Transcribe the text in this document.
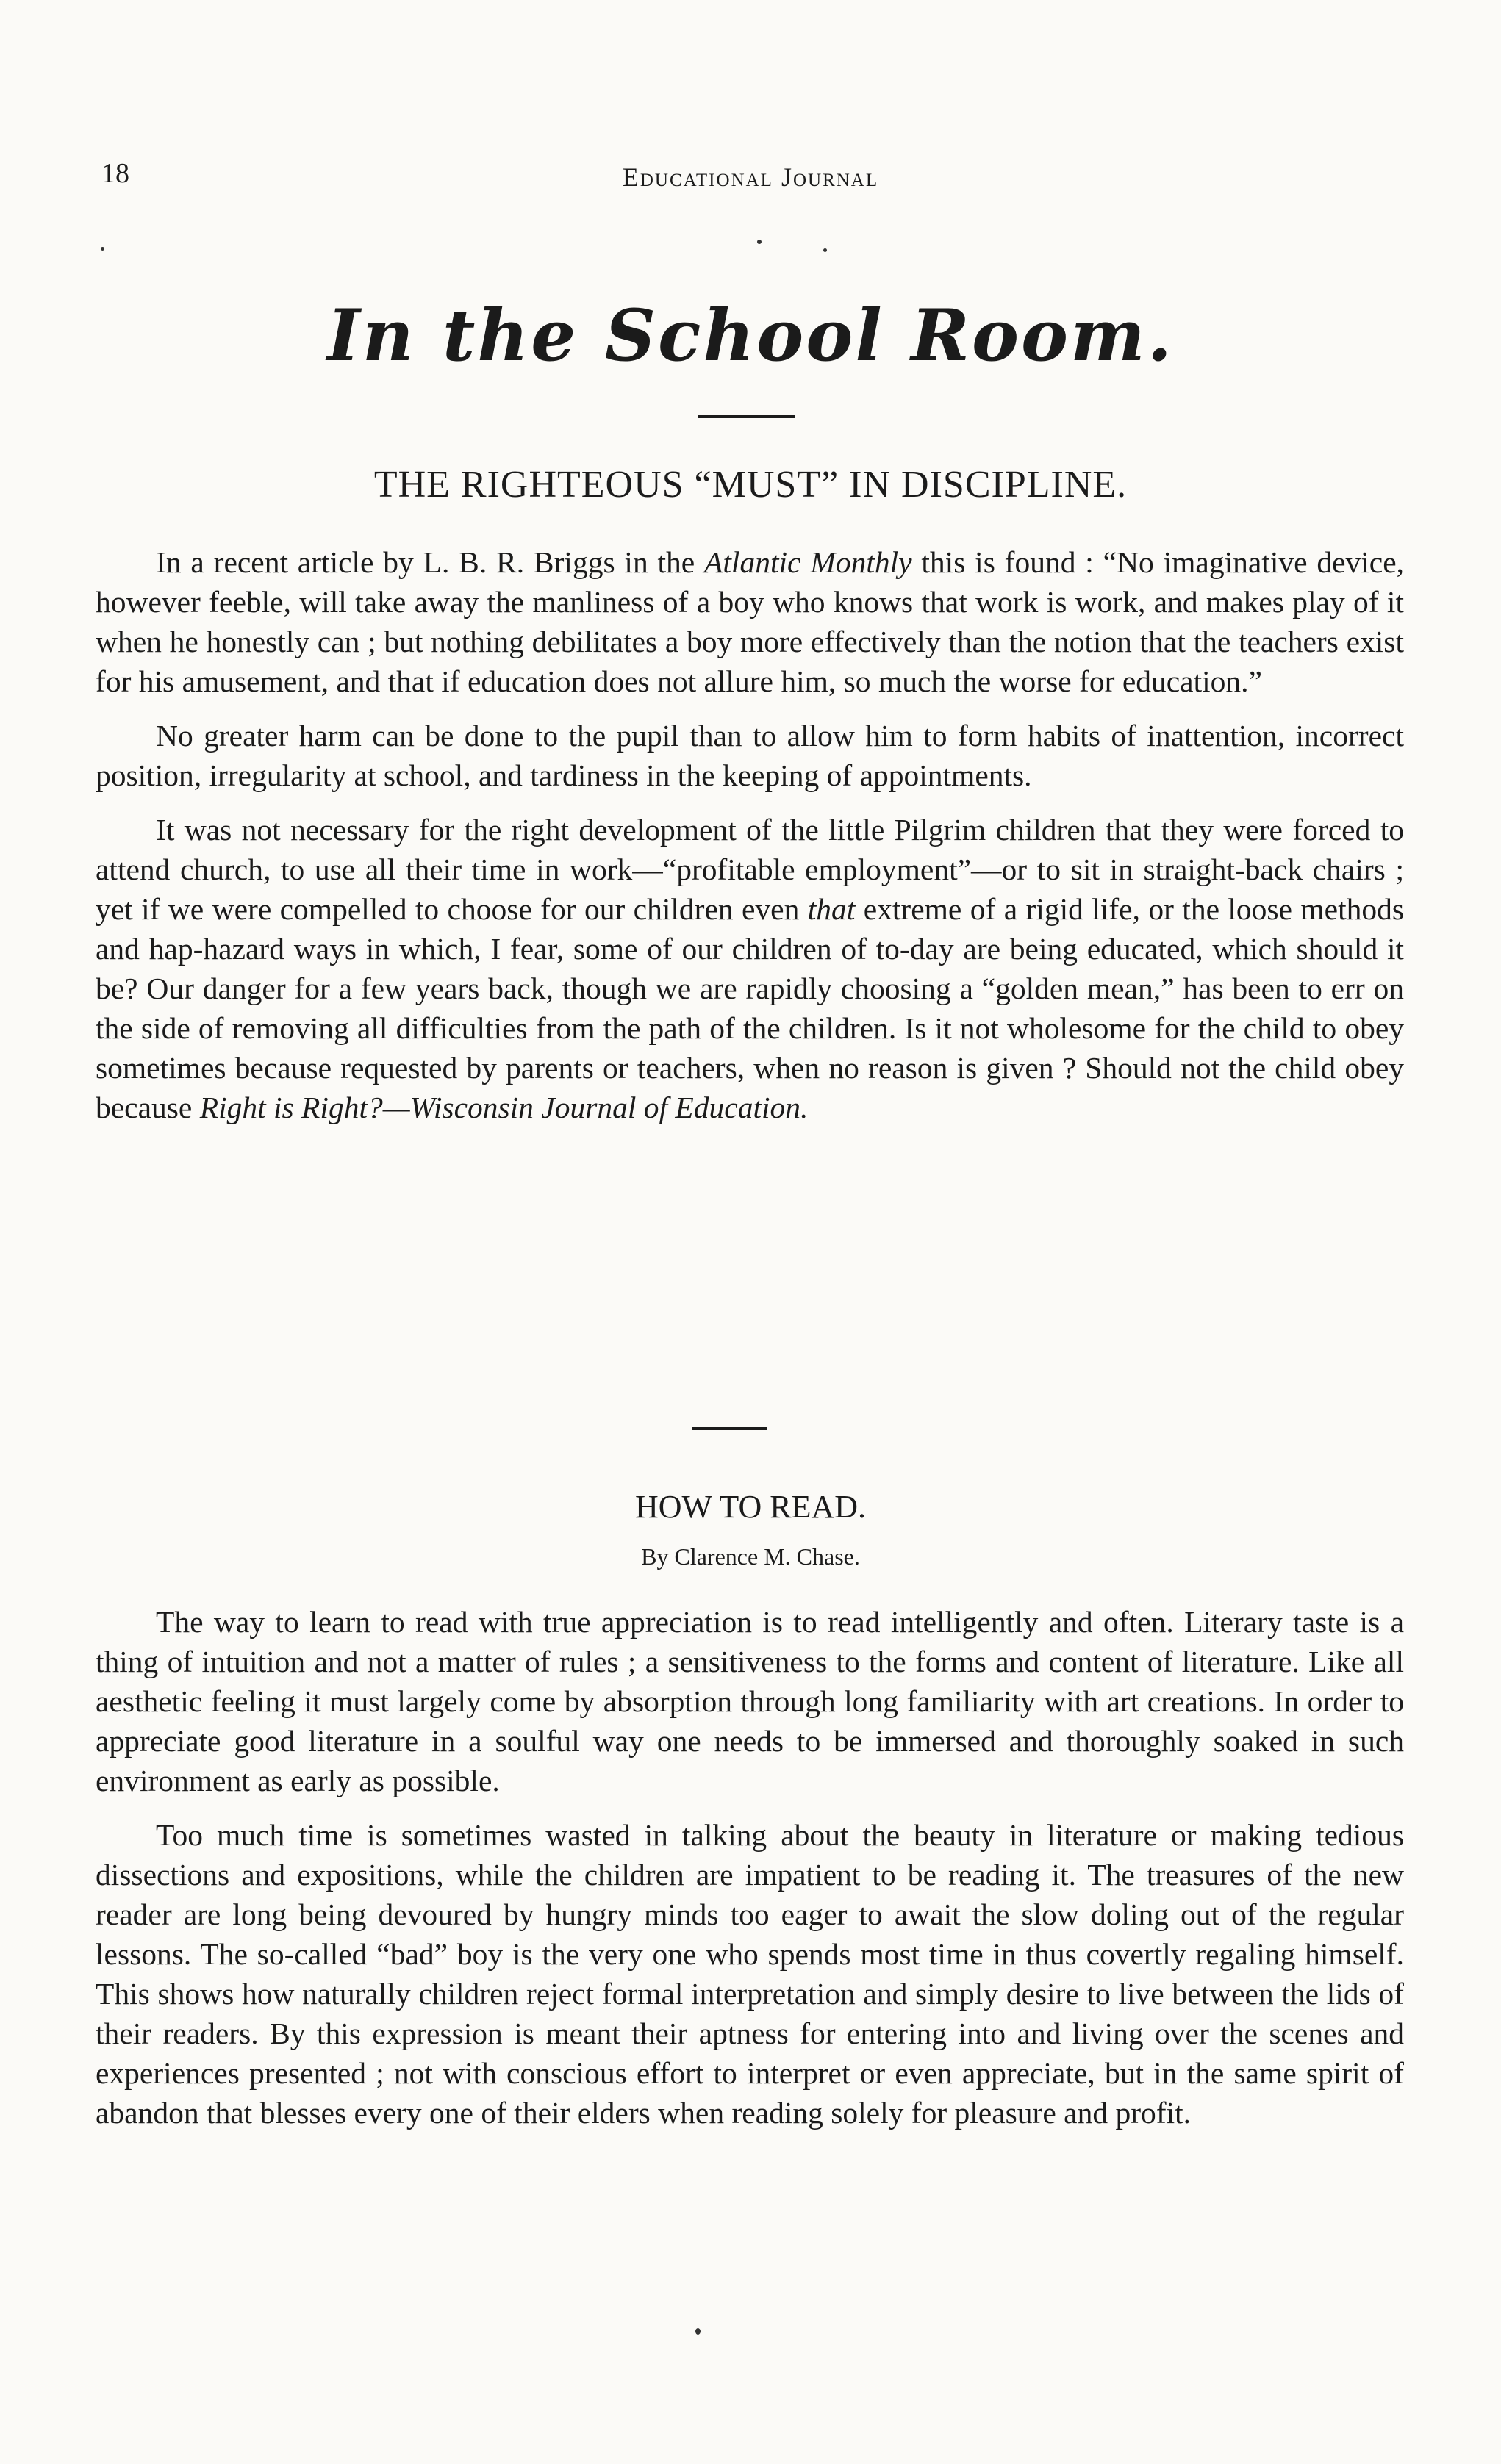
18	Educational Journal
In the School Room.
THE RIGHTEOUS “MUST” IN DISCIPLINE.

In a recent article by L. B. R. Briggs in the Atlantic Monthly this is found : “No imaginative device, however feeble, will take away the manliness of a boy who knows that work is work, and makes play of it when he honestly can ; but nothing debilitates a boy more effectively than the notion that the teachers exist for his amusement, and that if education does not allure him, so much the worse for education.”

No greater harm can be done to the pupil than to allow him to form habits of inattention, incorrect position, irregularity at school, and tardiness in the keeping of appointments.

It was not necessary for the right development of the little Pilgrim children that they were forced to attend church, to use all their time in work—“profitable employment”—or to sit in straight-back chairs ; yet if we were compelled to choose for our children even that extreme of a rigid life, or the loose methods and hap-hazard ways in which, I fear, some of our children of to-day are being educated, which should it be? Our danger for a few years back, though we are rapidly choosing a “golden mean,” has been to err on the side of removing all difficulties from the path of the children. Is it not wholesome for the child to obey sometimes because requested by parents or teachers, when no reason is given ? Should not the child obey because Right is Right?—Wisconsin Journal of Education.

HOW TO READ.
By Clarence M. Chase.

The way to learn to read with true appreciation is to read intelligently and often. Literary taste is a thing of intuition and not a matter of rules ; a sensitiveness to the forms and content of literature. Like all aesthetic feeling it must largely come by absorption through long familiarity with art creations. In order to appreciate good literature in a soulful way one needs to be immersed and thoroughly soaked in such environment as early as possible.

Too much time is sometimes wasted in talking about the beauty in literature or making tedious dissections and expositions, while the children are impatient to be reading it. The treasures of the new reader are long being devoured by hungry minds too eager to await the slow doling out of the regular lessons. The so-called “bad” boy is the very one who spends most time in thus covertly regaling himself. This shows how naturally children reject formal interpretation and simply desire to live between the lids of their readers. By this expression is meant their aptness for entering into and living over the scenes and experiences presented ; not with conscious effort to interpret or even appreciate, but in the same spirit of abandon that blesses every one of their elders when reading solely for pleasure and profit.
